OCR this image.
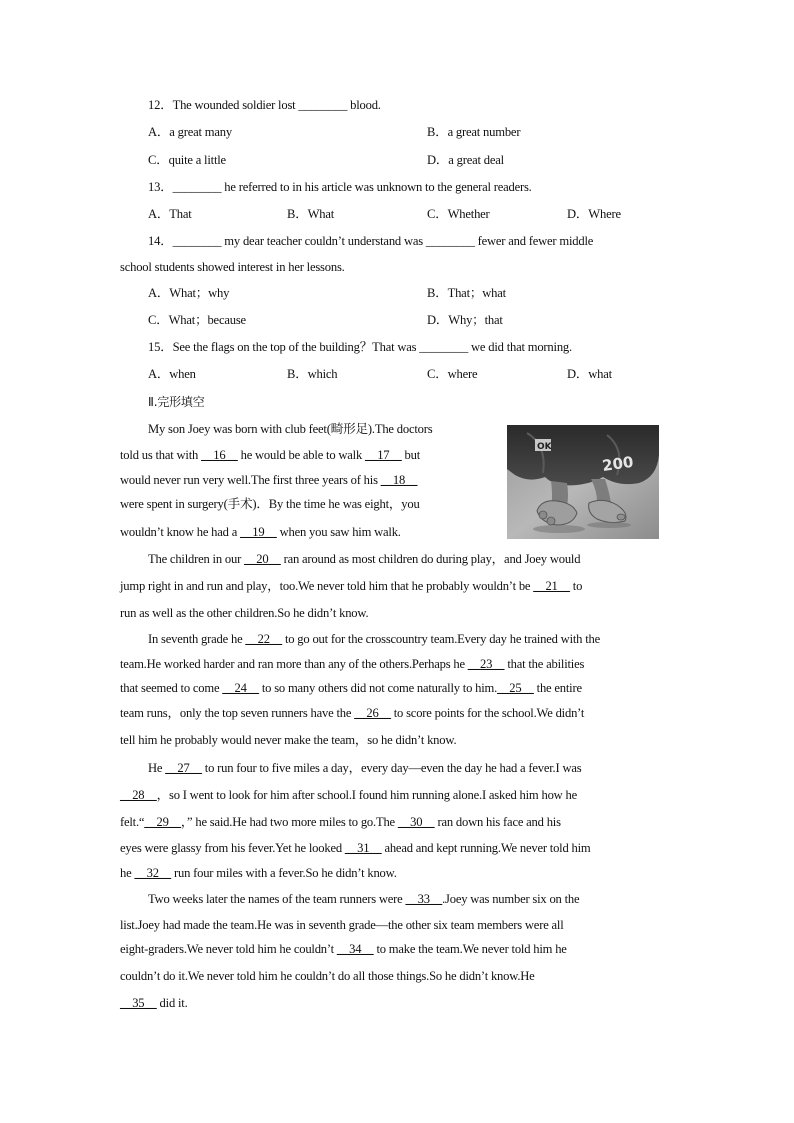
12．The wounded soldier lost ________ blood.
A．a great many	B．a great number
C．quite a little	D．a great deal
13．________ he referred to in his article was unknown to the general readers.
A．That	B．What	C．Whether	D．Where
14．________ my dear teacher couldn’t understand was ________ fewer and fewer middle
school students showed interest in her lessons.
A．What；why	B．That；what
C．What；because	D．Why；that
15．See the flags on the top of the building？That was ________ we did that morning.
A．when	B．which	C．where	D．what
Ⅱ.完形填空
My son Joey was born with club feet(畸形足).The doctors
told us that with __16__ he would be able to walk __17__ but
would never run very well.The first three years of his __18__
were spent in surgery(手术)．By the time he was eight，you
wouldn’t know he had a __19__ when you saw him walk.
OK
200
The children in our __20__ ran around as most children do during play，and Joey would
jump right in and run and play，too.We never told him that he probably wouldn’t be __21__ to
run as well as the other children.So he didn’t know.
In seventh grade he __22__ to go out for the crosscountry team.Every day he trained with the
team.He worked harder and ran more than any of the others.Perhaps he __23__ that the abilities
that seemed to come __24__ to so many others did not come naturally to him.__25__ the entire
team runs，only the top seven runners have the __26__ to score points for the school.We didn’t
tell him he probably would never make the team，so he didn’t know.
He __27__ to run four to five miles a day，every day—even the day he had a fever.I was
__28__，so I went to look for him after school.I found him running alone.I asked him how he
felt.“__29__，” he said.He had two more miles to go.The __30__ ran down his face and his
eyes were glassy from his fever.Yet he looked __31__ ahead and kept running.We never told him
he __32__ run four miles with a fever.So he didn’t know.
Two weeks later the names of the team runners were __33__.Joey was number six on the
list.Joey had made the team.He was in seventh grade—the other six team members were all
eight-graders.We never told him he couldn’t __34__ to make the team.We never told him he
couldn’t do it.We never told him he couldn’t do all those things.So he didn’t know.He
__35__ did it.
